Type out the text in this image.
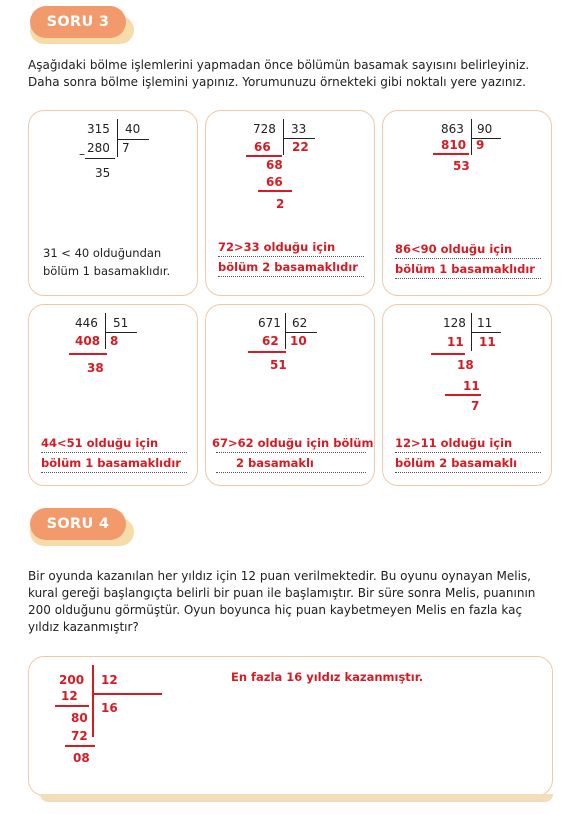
SORU 3
Aşağıdaki bölme işlemlerini yapmadan önce bölümün basamak sayısını belirleyiniz.
Daha sonra bölme işlemini yapınız. Yorumunuzu örnekteki gibi noktalı yere yazınız.
315 40
– 280 7
35
31 < 40 olduğundan
bölüm 1 basamaklıdır.
728 33
66 22
68
66
2
72>33 olduğu için
bölüm 2 basamaklıdır
863 90
810 9
53
86<90 olduğu için
bölüm 1 basamaklıdır
446 51
408 8
38
44<51 olduğu için
bölüm 1 basamaklıdır
671 62
62 10
51
67>62 olduğu için bölüm
2 basamaklı
128 11
11 11
18
11
7
12>11 olduğu için
bölüm 2 basamaklı
SORU 4
Bir oyunda kazanılan her yıldız için 12 puan verilmektedir. Bu oyunu oynayan Melis,
kural gereği başlangıçta belirli bir puan ile başlamıştır. Bir süre sonra Melis, puanının
200 olduğunu görmüştür. Oyun boyunca hiç puan kaybetmeyen Melis en fazla kaç
yıldız kazanmıştır?
200 12
12
16
80
72
08
En fazla 16 yıldız kazanmıştır.
